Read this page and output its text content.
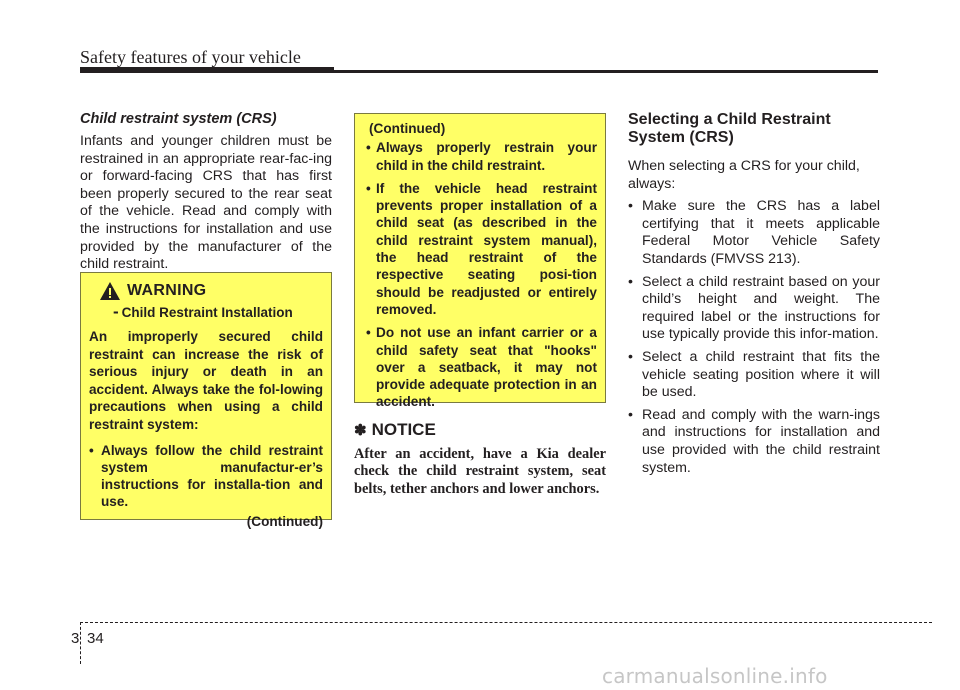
Safety features of your vehicle
Child restraint system (CRS)

Infants and younger children must be restrained in an appropriate rear-fac-ing or forward-facing CRS that has first been properly secured to the rear seat of the vehicle. Read and comply with the instructions for installation and use provided by the manufacturer of the child restraint.

WARNING
- Child Restraint Installation

An improperly secured child restraint can increase the risk of serious injury or death in an accident. Always take the fol-lowing precautions when using a child restraint system:

• Always follow the child restraint system manufactur-er’s instructions for installa-tion and use.
(Continued)
(Continued)
• Always properly restrain your child in the child restraint.
• If the vehicle head restraint prevents proper installation of a child seat (as described in the child restraint system manual), the head restraint of the respective seating posi-tion should be readjusted or entirely removed.
• Do not use an infant carrier or a child safety seat that "hooks" over a seatback, it may not provide adequate protection in an accident.
✽ NOTICE

After an accident, have a Kia dealer check the child restraint system, seat belts, tether anchors and lower anchors.

Selecting a Child Restraint System (CRS)

When selecting a CRS for your child, always:

• Make sure the CRS has a label certifying that it meets applicable Federal Motor Vehicle Safety Standards (FMVSS 213).
• Select a child restraint based on your child’s height and weight. The required label or the instructions for use typically provide this infor-mation.
• Select a child restraint that fits the vehicle seating position where it will be used.
• Read and comply with the warn-ings and instructions for installation and use provided with the child restraint system.
3 34
carmanualsonline.info
